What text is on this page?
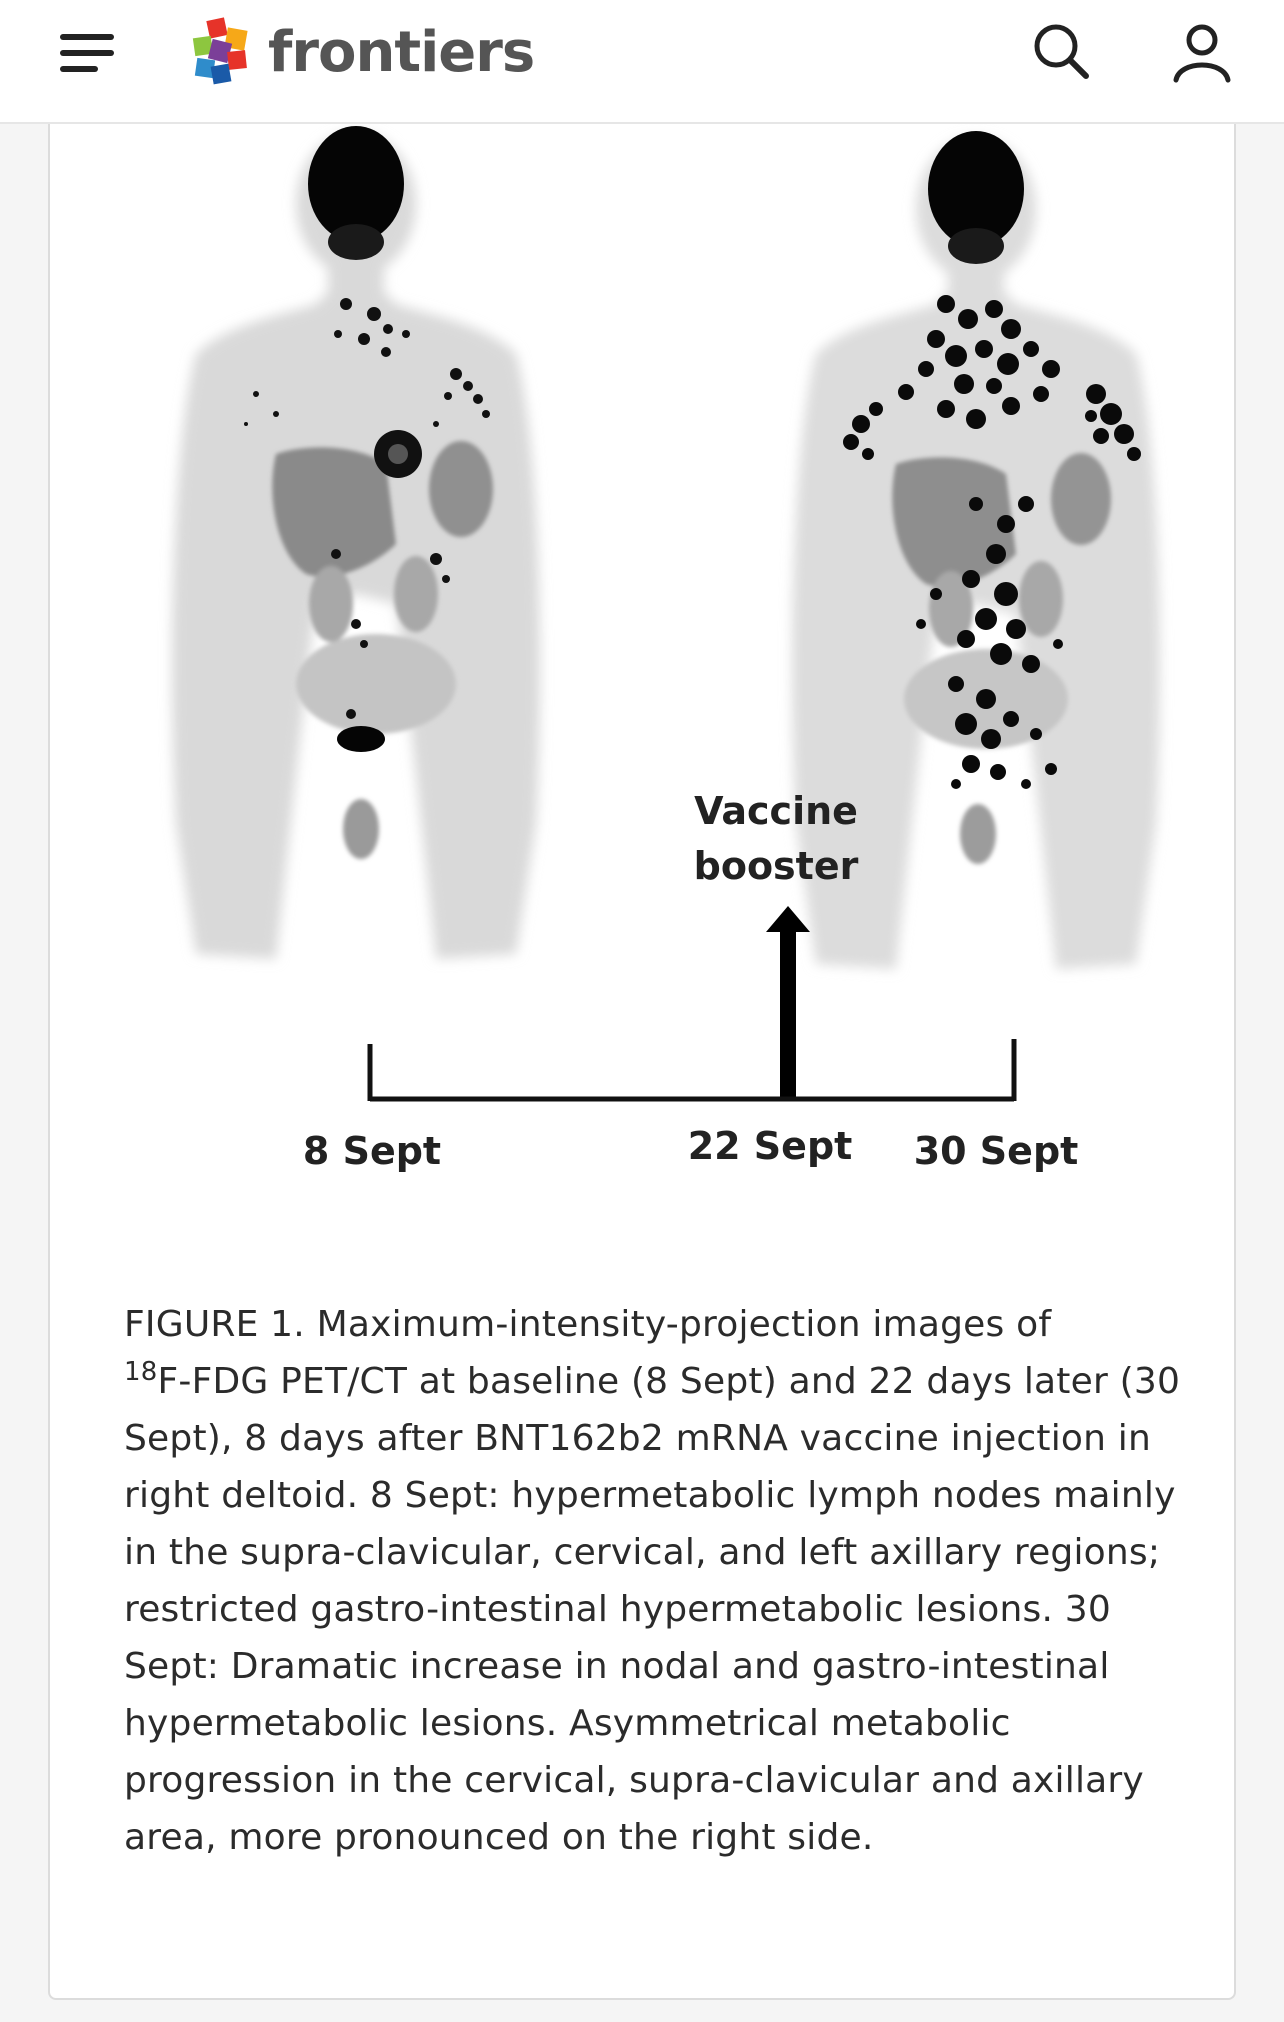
frontiers
Vaccine
booster
8 Sept	22 Sept 30 Sept
FIGURE 1. Maximum-intensity-projection images of
$^{18}$F-FDG PET/CT at baseline (8 Sept) and 22 days later (30 Sept), 8 days after BNT162b2 mRNA vaccine injection in right deltoid. 8 Sept: hypermetabolic lymph nodes mainly in the supra-clavicular, cervical, and left axillary regions; restricted gastro-intestinal hypermetabolic lesions. 30 Sept: Dramatic increase in nodal and gastro-intestinal hypermetabolic lesions. Asymmetrical metabolic progression in the cervical, supra-clavicular and axillary area, more pronounced on the right side.
